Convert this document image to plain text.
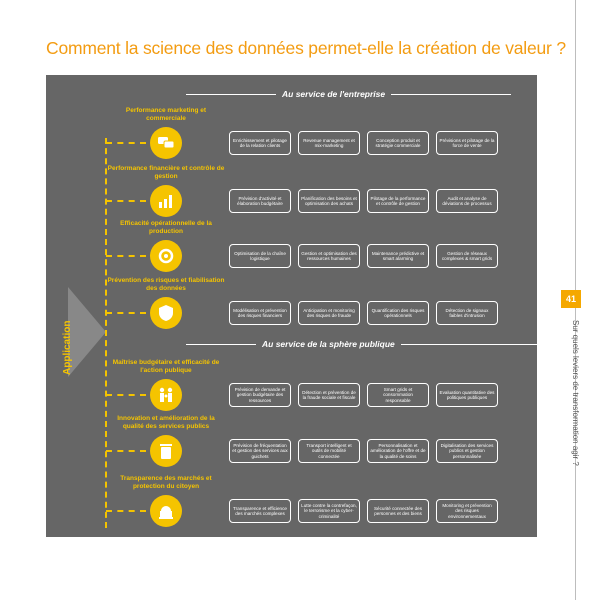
Comment la science des données permet-elle la création de valeur ?
41
Sur quels leviers de transformation agir ?
Application
Au service de l'entreprise
Au service de la sphère publique
Performance marketing et commerciale
Enrichissement et pilotage de la relation clients
Revenue management et mix-marketing
Conception produit et stratégie commerciale
Prévisions et pilotage de la force de vente
Performance financière et contrôle de gestion
Prévision d'activité et élaboration budgétaire
Planification des besoins et optimisation des achats
Pilotage de la performance et contrôle de gestion
Audit et analyse de déviations de processus
Efficacité opérationnelle de la production
Optimisation de la chaîne logistique
Gestion et optimisation des ressources humaines
Maintenance prédictive et smart alarming
Gestion de réseaux complexes & smart grids
Prévention des risques et fiabilisation des données
Modélisation et prévention des risques financiers
Anticipation et monitoring des risques de fraude
Quantification des risques opérationnels
Détection de signaux faibles d'intrusion
Maîtrise budgétaire et efficacité de l'action publique
Prévision de demande et gestion budgétaire des ressources
Détection et prévention de la fraude sociale et fiscale
Smart grids et consommation responsable
Evaluation quantitative des politiques publiques
Innovation et amélioration de la qualité des services publics
Prévision de fréquentation et gestion des services aux guichets
Transport intelligent et outils de mobilité connectée
Personnalisation et amélioration de l'offre et de la qualité de soins
Digitalisation des services publics et gestion personnalisée
Transparence des marchés et protection du citoyen
Transparence et efficience des marchés complexes
Lutte contre la contrefaçon, le terrorisme et la cyber-criminalité
Sécurité connectée des personnes et des biens
Monitoring et prévention des risques environnementaux
